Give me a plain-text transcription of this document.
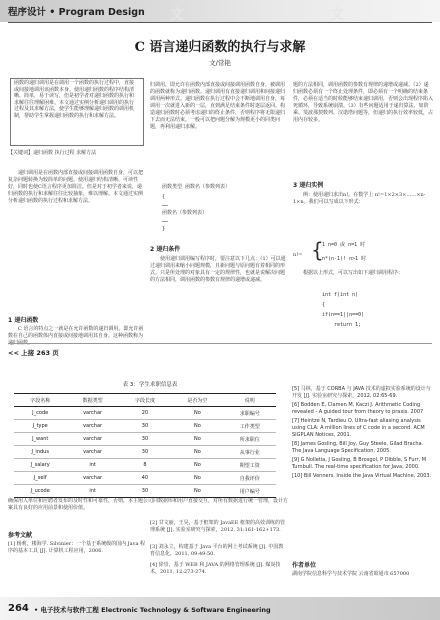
程序设计 • Program Design 文	文	文
C 语言递归函数的执行与求解
文/常艳
函数的递归调用是在调用一个函数的执行过程中，直接或间接地调用该函数本身。使用递归函数的程序结构清晰、简单，易于读写，但是初学者对递归函数的执行和求解往往理解困难。本文通过实例分析递归调用的执行过程及其求解方法，使学生能够理解递归函数的调用机制，帮助学生掌握递归函数的执行和求解方法。
【关键词】递归函数 执行过程 求解方法
递归调用是在函数内部直接或间接调用函数自身，可以把复杂问题转换为较简单的问题。使用递归结构清晰、可读性好，同时也使C语言程序更加简洁。但是对于初学者来说，递归函数的执行和求解往往比较抽象，难以理解。本文通过实例分析递归函数的执行过程和求解方法。
1 递归函数
C 语言的特点之一就是在允许函数的递归调用，即允许函数在自己的函数体内直接或间接地调用其自身。这种函数称为
归调用，即允许在函数内部直接或间接调用函数自身，被调用的函数就称为递归函数。递归调用有直接递归调用和间接递归调用两种形式。递归函数在执行过程中会不断地调用自身，每调用一次就进入新的一层，直到满足结束条件时逐层返回。构造递归函数时必须考虑递归的终止条件，否则程序将无限递归下去而无法结束。一般可以把问题分解为规模更小的同类问题，再利用递归求解。
函数类型 函数名（参数列表）
{
……
函数名（参数列表）
……
}
2 递归条件
使用递归调用编写程序时，要注意以下几点：（1）可以通过递归调用来缩小问题规模，且新问题与原问题有着相同的形式。只是所处理的对象具有一定的规律性，也就是说解决问题的方法相同，调用函数的参数有规律的递增或递减。
题的方法相同，调用函数的参数有规律的递增或递减。（2）递归函数必须有一个终止处理条件，即必须有一个明确的结束条件，必须在适当的时候能够结束递归调用，否则会出现程序陷入死循环，导致系统崩溃。（3）有些问题适用于递归算法，如阶乘、斐波那契数列、汉诺塔问题等，但递归的执行效率较低，占用内存较多。
3 递归实例
例：使用递归求出n!。在数学上 n!=1×2×3×……×n-1×n。我们可以写成以下形式：
n!= {
1 n=0 或 n=1 时
n*(n-1)! n>1 时
根据以上形式，可以写出如下递归调用程序：
int f(int n)
{
if(n==1||n==0)
return 1;
<< 上接 263 页
表 3：学生求职信息表
字段名称	数据类型	字段长度	是否为空	说明
J_code	varchar	20	No	求职编号
J_type	varchar	30	No	工作类型
J_want	varchar	30	No	所求职位
J_indus	varchar	30	No	从事行业
J_salary	int	8	No	期望工资
J_self	varchar	40	No	自我评价
J_ucode	int	30	No	用户编号
确保用人单位和应聘者发布的及时性和可靠性，否则，本主题公司同数据库和用户直接交互，对所有数据进行统一管理，设计方案具有良好的应用前景和使用价值。
参考文献
[1] 杨莉，楼海学. Silvinier：一个基于系统级的国内 Java 程序的基本工具 [J]. 计算机工程应用，2006.
[2] 甘文丽，王昊，基于框架的 JavaEE 框架的高效训练的管理系统 [J]. 实验室研究与探索，2012, 31:161-162+173.
[3] 刘永立，构建基于 Java 平台的网上考试系统 [J]. 中国教育信息化，2011, 09:49-50.
[4] 徐崇，基于 WEB 和 JAVA 的网络管理系统 [J]. 煤炭技术，2011, 12:273-274.
[5] 马林，基于 CORBA 与 JAVA 技术的虚拟实验系统的设计与开发 [J]. 实验室研究与探索，2012, 02:65-69.
[6] Bodden E, Clamen M, Kaczi J. Arithmetic Coding revealed - A guided tour from theory to praxis. 2007
[7] Heintze N, Tardieu O. Ultra-fast aliasing analysis using CLA: A million lines of C code in a second. ACM SIGPLAN Notices, 2001.
[8] James Gosling, Bill Joy, Guy Steele, Gilad Bracha. The Java Language Specification, 2005.
[9] G Nolletia, J Gosling, B Brosgol, P Dibble, S Furr, M Turnbull. The real-time specification for Java, 2000.
[10] Bill Venners. Inside the Java Virtual Machine, 2003.
作者单位
湖南学院信息科学与技术学院 云南省昭通市 657000
264 • 电子技术与软件工程 Electronic Technology & Software Engineering
